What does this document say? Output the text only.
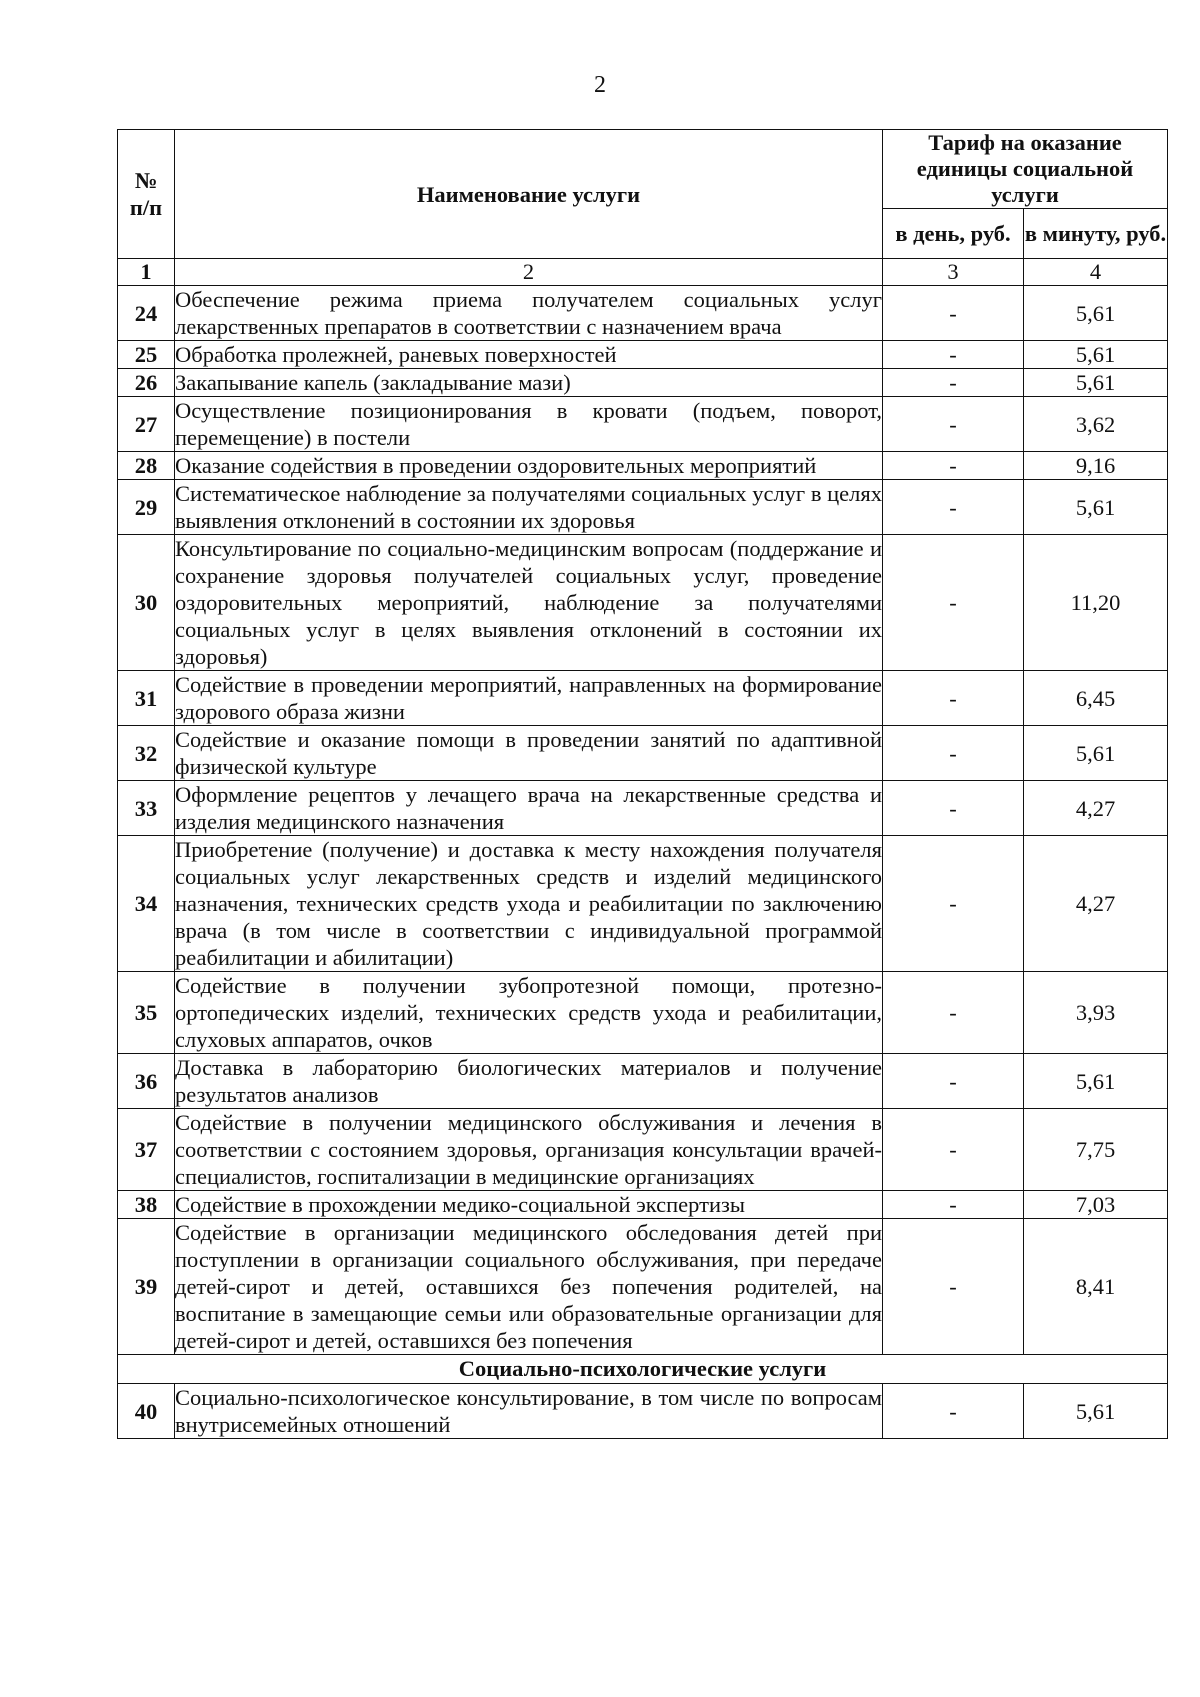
2
№
п/п	Наименование услуги	Тариф на оказание единицы социальной услуги	
		в день, руб.	в минуту, руб.
1	2	3	4
24	Обеспечение режима приема получателем социальных услуг лекарственных препаратов в соответствии с назначением врача	-	5,61
25	Обработка пролежней, раневых поверхностей	-	5,61
26	Закапывание капель (закладывание мази)	-	5,61
27	Осуществление позиционирования в кровати (подъем, поворот, перемещение) в постели	-	3,62
28	Оказание содействия в проведении оздоровительных мероприятий	-	9,16
29	Систематическое наблюдение за получателями социальных услуг в целях выявления отклонений в состоянии их здоровья	-	5,61
30	Консультирование по социально-медицинским вопросам (поддержание и сохранение здоровья получателей социальных услуг, проведение оздоровительных мероприятий, наблюдение за получателями социальных услуг в целях выявления отклонений в состоянии их здоровья)	-	11,20
31	Содействие в проведении мероприятий, направленных на формирование здорового образа жизни	-	6,45
32	Содействие и оказание помощи в проведении занятий по адаптивной физической культуре	-	5,61
33	Оформление рецептов у лечащего врача на лекарственные средства и изделия медицинского назначения	-	4,27
34	Приобретение (получение) и доставка к месту нахождения получателя социальных услуг лекарственных средств и изделий медицинского назначения, технических средств ухода и реабилитации по заключению врача (в том числе в соответствии с индивидуальной программой реабилитации и абилитации)	-	4,27
35	Содействие в получении зубопротезной помощи, протезно-ортопедических изделий, технических средств ухода и реабилитации, слуховых аппаратов, очков	-	3,93
36	Доставка в лабораторию биологических материалов и получение результатов анализов	-	5,61
37	Содействие в получении медицинского обслуживания и лечения в соответствии с состоянием здоровья, организация консультации врачей-специалистов, госпитализации в медицинские организациях	-	7,75
38	Содействие в прохождении медико-социальной экспертизы	-	7,03
39	Содействие в организации медицинского обследования детей при поступлении в организации социального обслуживания, при передаче детей-сирот и детей, оставшихся без попечения родителей, на воспитание в замещающие семьи или образовательные организации для детей-сирот и детей, оставшихся без попечения	-	8,41
Социально-психологические услуги			
40	Социально-психологическое консультирование, в том числе по вопросам внутрисемейных отношений	-	5,61
